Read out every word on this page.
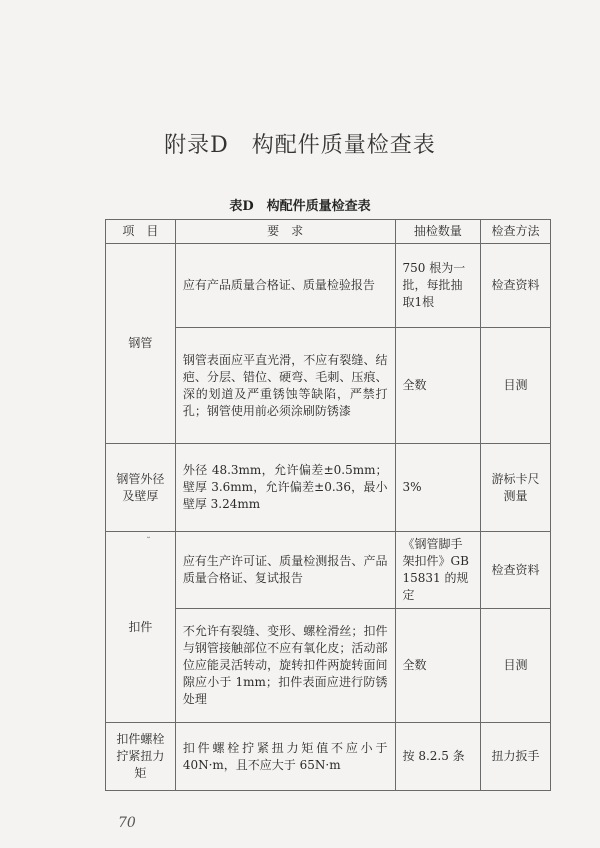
附录D　构配件质量检查表
表D　构配件质量检查表
项　目	要　求	抽检数量	检查方法
钢管	应有产品质量合格证、质量检验报告	750 根为一批，每批抽取1根	检查资料
	钢管表面应平直光滑，不应有裂缝、结疤、分层、错位、硬弯、毛刺、压痕、深的划道及严重锈蚀等缺陷，严禁打孔；钢管使用前必须涂刷防锈漆	全数	目测
钢管外径及壁厚	外径 48.3mm，允许偏差±0.5mm；壁厚 3.6mm，允许偏差±0.36，最小壁厚 3.24mm	3%	游标卡尺测量
扣件	应有生产许可证、质量检测报告、产品质量合格证、复试报告	《钢管脚手架扣件》GB 15831 的规定	检查资料
	不允许有裂缝、变形、螺栓滑丝；扣件与钢管接触部位不应有氧化皮；活动部位应能灵活转动，旋转扣件两旋转面间隙应小于 1mm；扣件表面应进行防锈处理	全数	目测
扣件螺栓拧紧扭力矩	扣件螺栓拧紧扭力矩值不应小于 40N·m，且不应大于 65N·m	按 8.2.5 条	扭力扳手
˘
70
